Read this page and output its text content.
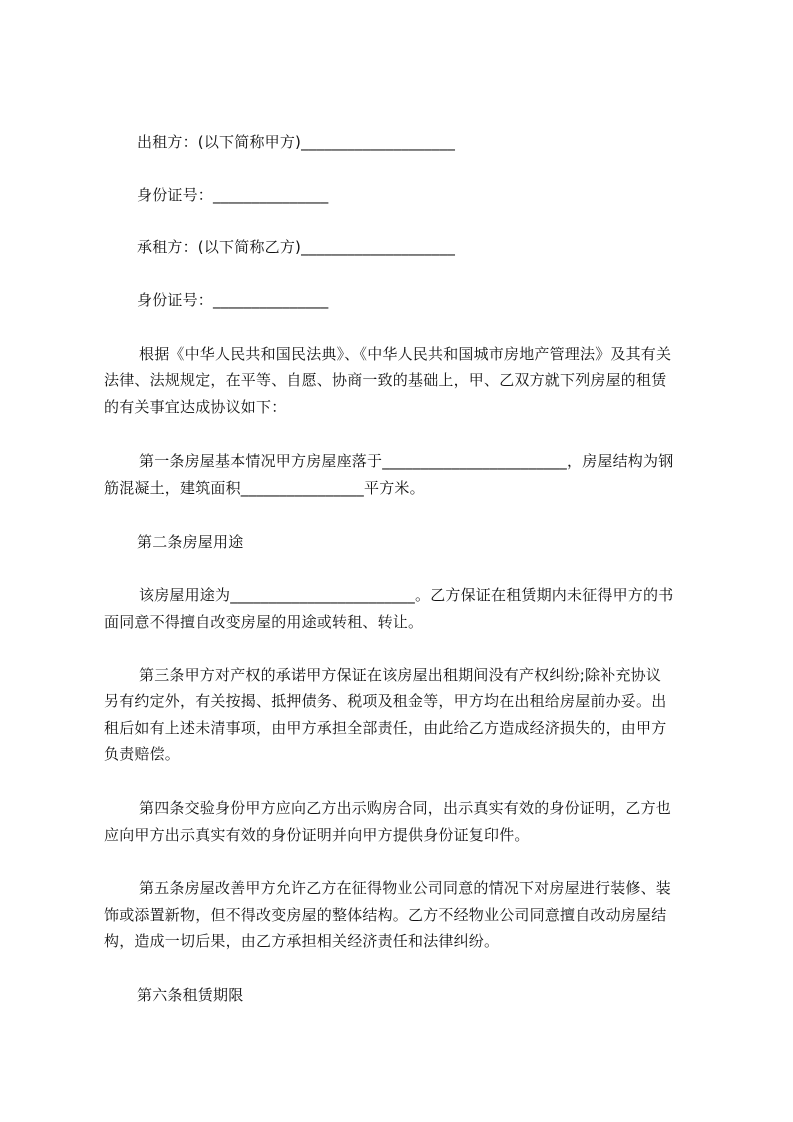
出租方：(以下简称甲方)____________________
身份证号：_______________
承租方：(以下简称乙方)____________________
身份证号：_______________
根据《中华人民共和国民法典》、《中华人民共和国城市房地产管理法》及其有关
法律、法规规定，在平等、自愿、协商一致的基础上，甲、乙双方就下列房屋的租赁
的有关事宜达成协议如下：
第一条房屋基本情况甲方房屋座落于________________________，房屋结构为钢
筋混凝土，建筑面积________________平方米。
第二条房屋用途
该房屋用途为________________________。乙方保证在租赁期内未征得甲方的书
面同意不得擅自改变房屋的用途或转租、转让。
第三条甲方对产权的承诺甲方保证在该房屋出租期间没有产权纠纷;除补充协议
另有约定外，有关按揭、抵押债务、税项及租金等，甲方均在出租给房屋前办妥。出
租后如有上述未清事项，由甲方承担全部责任，由此给乙方造成经济损失的，由甲方
负责赔偿。
第四条交验身份甲方应向乙方出示购房合同，出示真实有效的身份证明，乙方也
应向甲方出示真实有效的身份证明并向甲方提供身份证复印件。
第五条房屋改善甲方允许乙方在征得物业公司同意的情况下对房屋进行装修、装
饰或添置新物，但不得改变房屋的整体结构。乙方不经物业公司同意擅自改动房屋结
构，造成一切后果，由乙方承担相关经济责任和法律纠纷。
第六条租赁期限
